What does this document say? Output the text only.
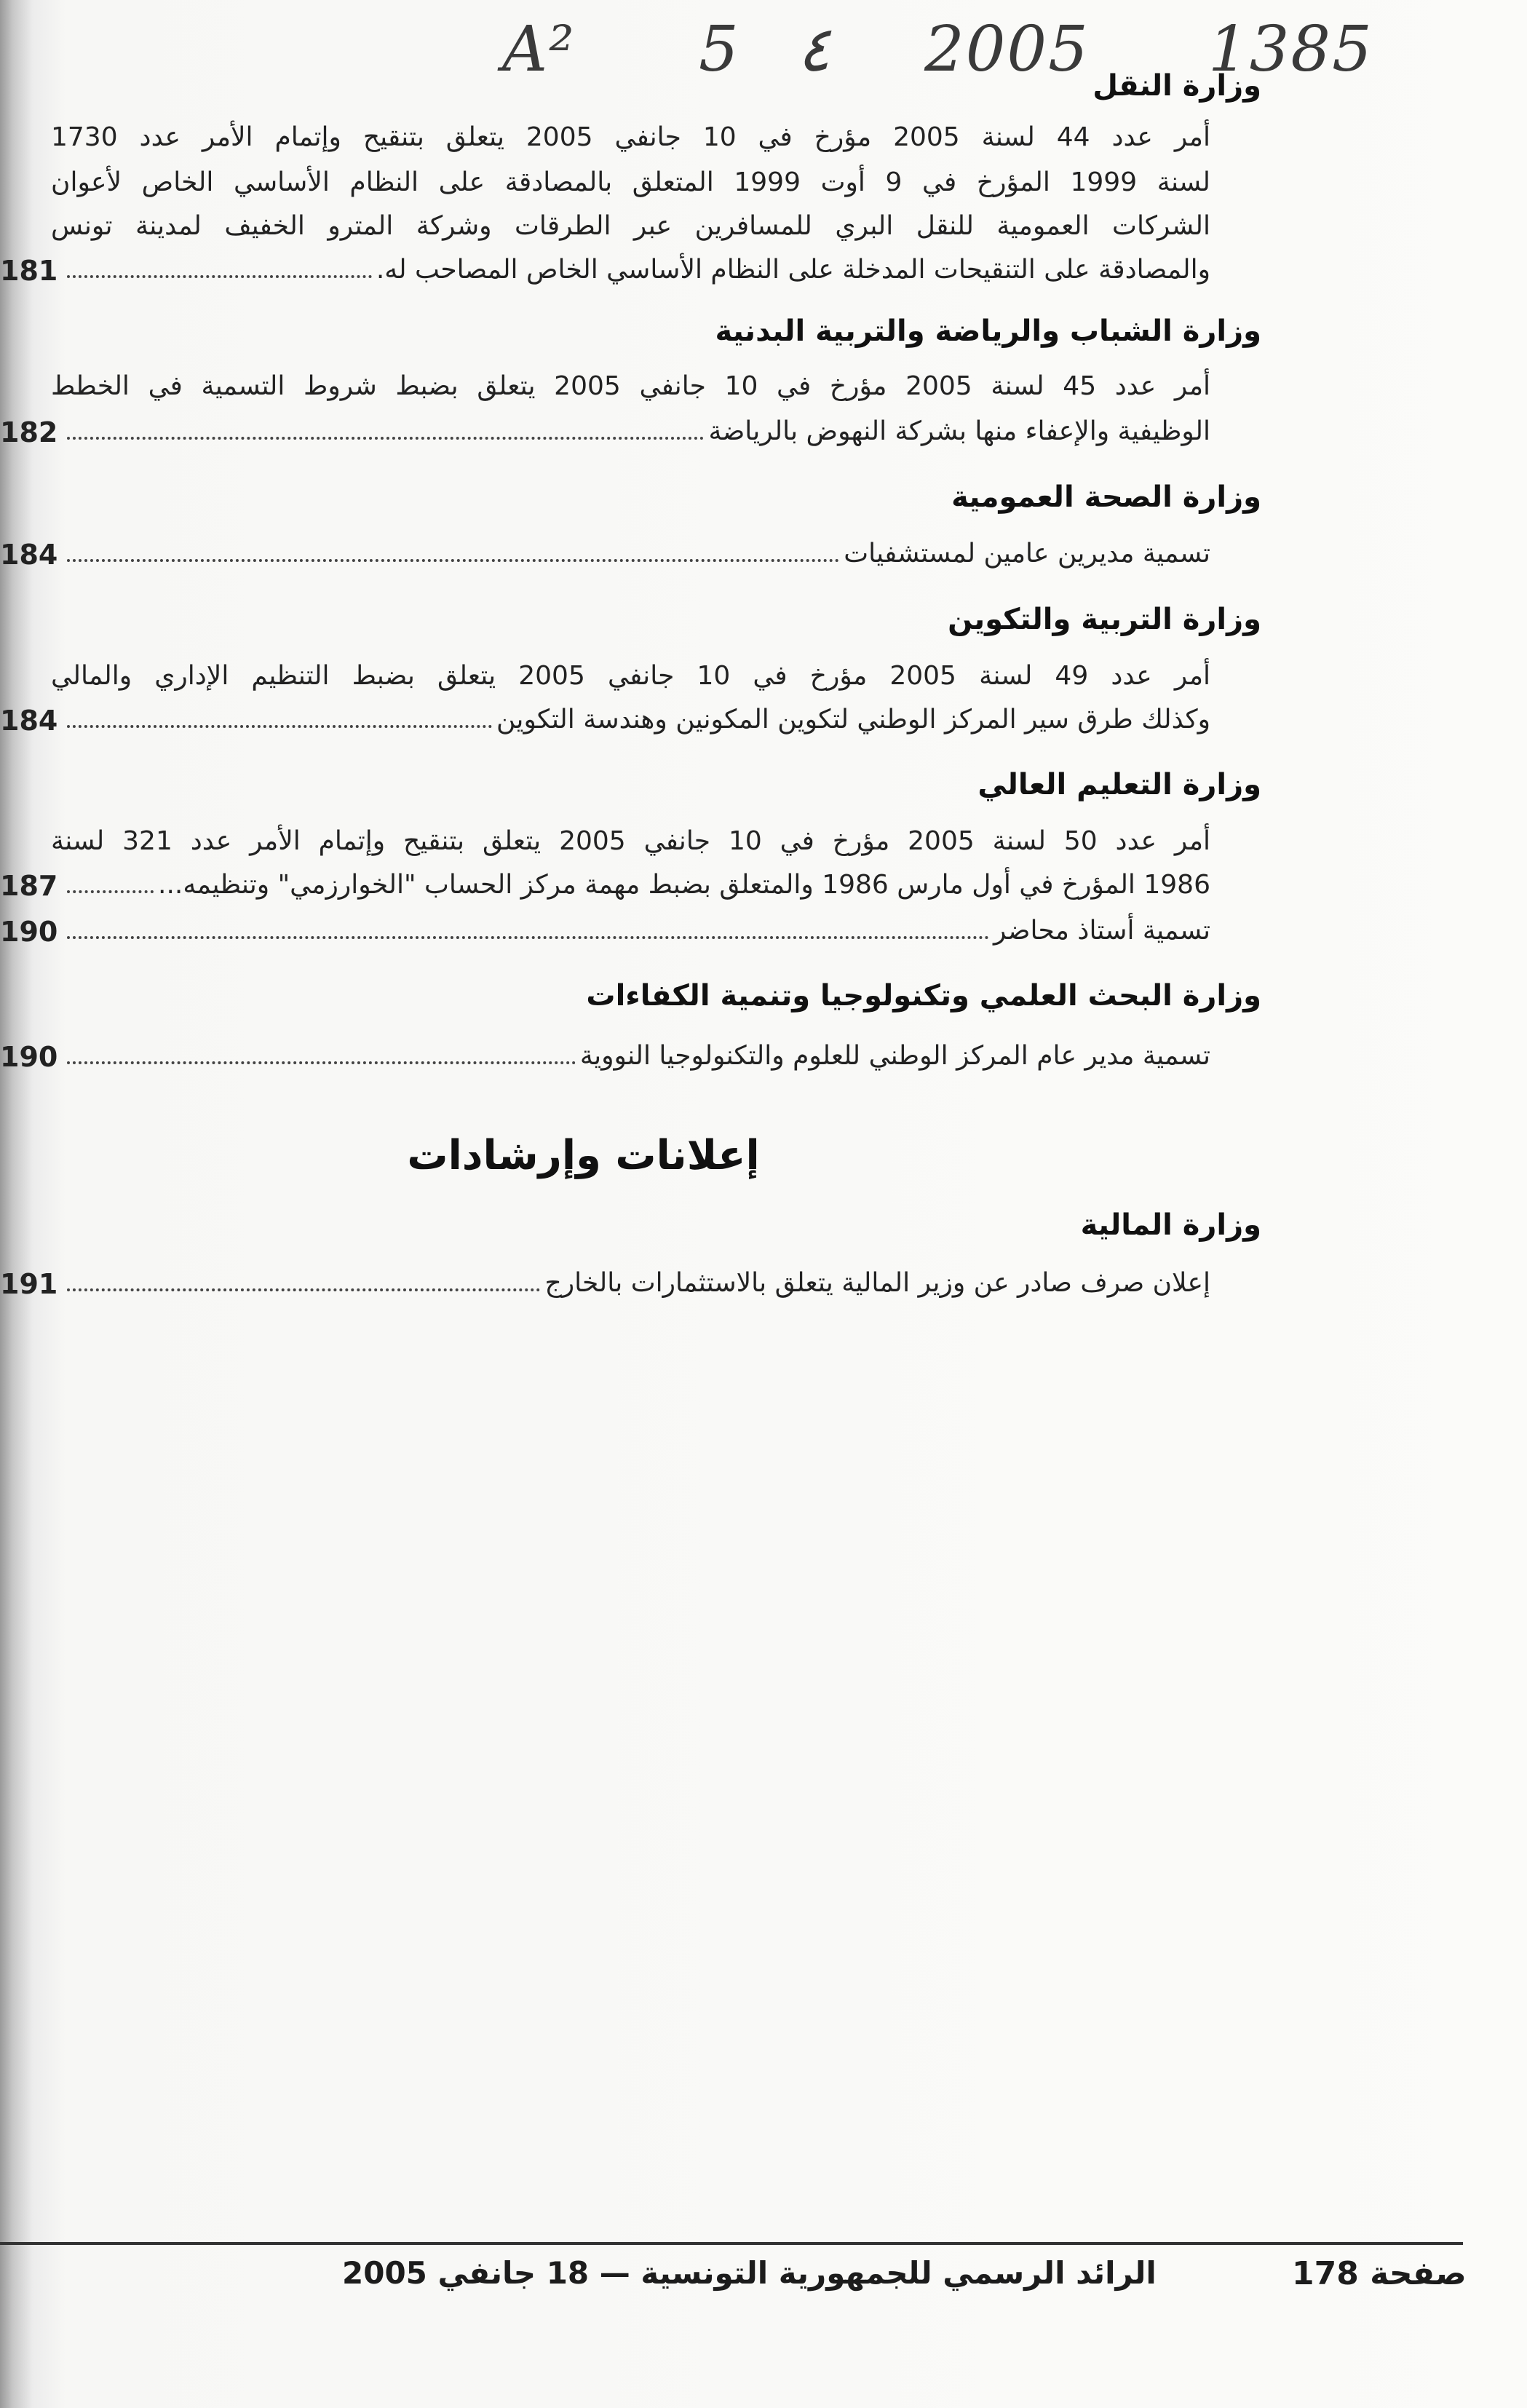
A² 5 ٤ 2005 1385
وزارة النقل
أمر عدد 44 لسنة 2005 مؤرخ في 10 جانفي 2005 يتعلق بتنقيح وإتمام الأمر عدد 1730
لسنة 1999 المؤرخ في 9 أوت 1999 المتعلق بالمصادقة على النظام الأساسي الخاص لأعوان
الشركات العمومية للنقل البري للمسافرين عبر الطرقات وشركة المترو الخفيف لمدينة تونس
والمصادقة على التنقيحات المدخلة على النظام الأساسي الخاص المصاحب له.
181
وزارة الشباب والرياضة والتربية البدنية
أمر عدد 45 لسنة 2005 مؤرخ في 10 جانفي 2005 يتعلق بضبط شروط التسمية في الخطط
الوظيفية والإعفاء منها بشركة النهوض بالرياضة
182
وزارة الصحة العمومية
تسمية مديرين عامين لمستشفيات
184
وزارة التربية والتكوين
أمر عدد 49 لسنة 2005 مؤرخ في 10 جانفي 2005 يتعلق بضبط التنظيم الإداري والمالي
وكذلك طرق سير المركز الوطني لتكوين المكونين وهندسة التكوين
184
وزارة التعليم العالي
أمر عدد 50 لسنة 2005 مؤرخ في 10 جانفي 2005 يتعلق بتنقيح وإتمام الأمر عدد 321 لسنة
1986 المؤرخ في أول مارس 1986 والمتعلق بضبط مهمة مركز الحساب "الخوارزمي" وتنظيمه...
187
تسمية أستاذ محاضر
190
وزارة البحث العلمي وتكنولوجيا وتنمية الكفاءات
تسمية مدير عام المركز الوطني للعلوم والتكنولوجيا النووية
190
إعلانات وإرشادات
وزارة المالية
إعلان صرف صادر عن وزير المالية يتعلق بالاستثمارات بالخارج
191
صفحة 178
الرائد الرسمي للجمهورية التونسية — 18 جانفي 2005
